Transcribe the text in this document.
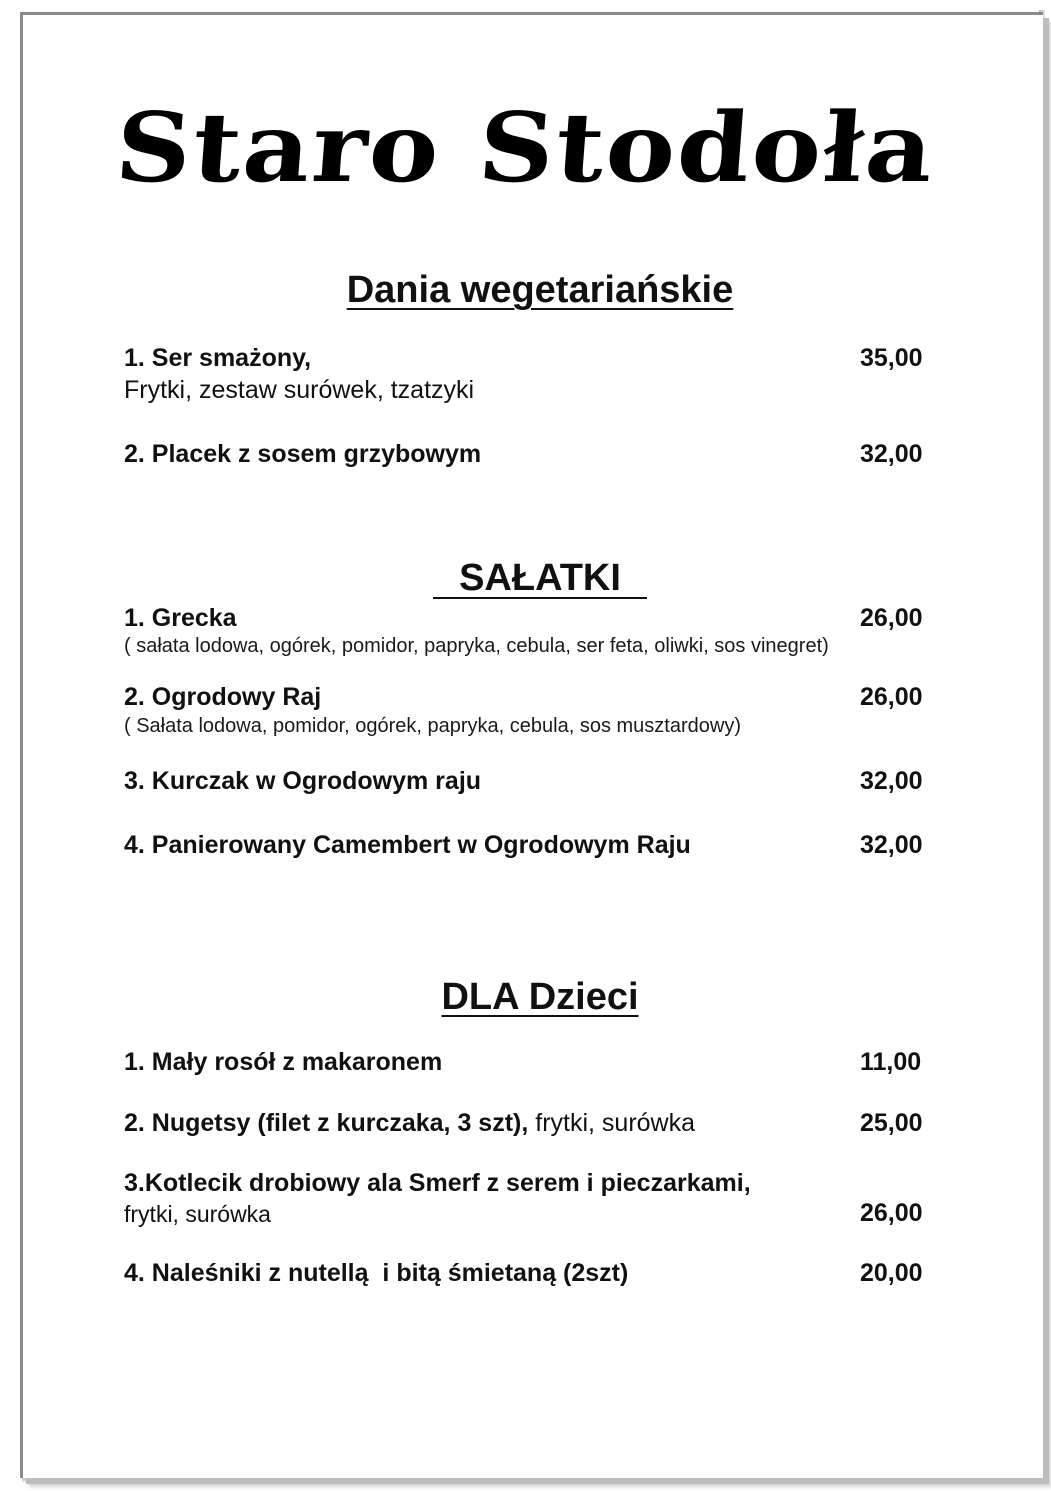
Staro Stodoła
Dania wegetariańskie
1. Ser smażony,	35,00
Frytki, zestaw surówek, tzatzyki
2. Placek z sosem grzybowym	32,00
SAŁATKI
1. Grecka	26,00
( sałata lodowa, ogórek, pomidor, papryka, cebula, ser feta, oliwki, sos vinegret)
2. Ogrodowy Raj	26,00
( Sałata lodowa, pomidor, ogórek, papryka, cebula, sos musztardowy)
3. Kurczak w Ogrodowym raju	32,00
4. Panierowany Camembert w Ogrodowym Raju	32,00
DLA Dzieci
1. Mały rosół z makaronem	11,00
2. Nugetsy (filet z kurczaka, 3 szt), frytki, surówka	25,00
3.Kotlecik drobiowy ala Smerf z serem i pieczarkami,
frytki, surówka	26,00
4. Naleśniki z nutellą  i bitą śmietaną (2szt)	20,00
